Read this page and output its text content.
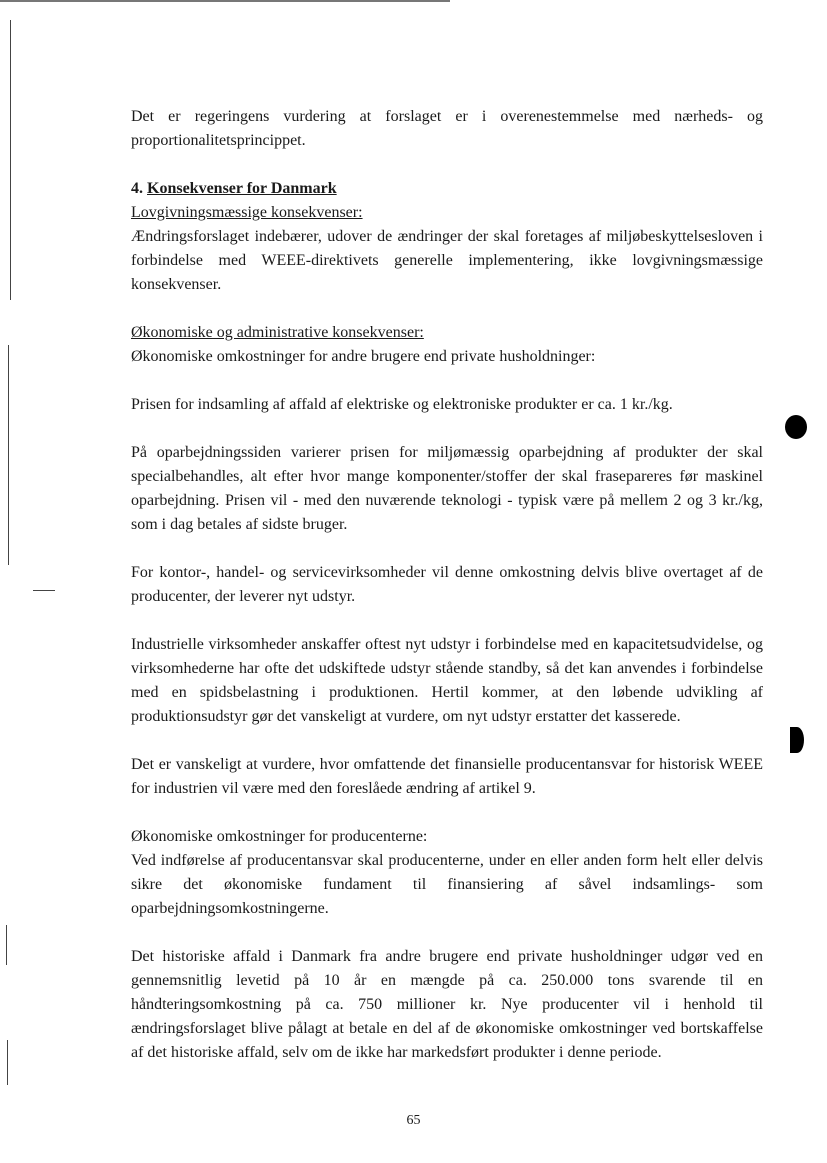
Det er regeringens vurdering at forslaget er i overenestemmelse med nærheds- og proportionalitetsprincippet.

4. Konsekvenser for Danmark

Lovgivningsmæssige konsekvenser:

Ændringsforslaget indebærer, udover de ændringer der skal foretages af miljøbeskyttelsesloven i forbindelse med WEEE-direktivets generelle implementering, ikke lovgivningsmæssige konsekvenser.

Økonomiske og administrative konsekvenser:

Økonomiske omkostninger for andre brugere end private husholdninger:

Prisen for indsamling af affald af elektriske og elektroniske produkter er ca. 1 kr./kg.

På oparbejdningssiden varierer prisen for miljømæssig oparbejdning af produkter der skal specialbehandles, alt efter hvor mange komponenter/stoffer der skal fraseparеres før maskinel oparbejdning. Prisen vil - med den nuværende teknologi - typisk være på mellem 2 og 3 kr./kg, som i dag betales af sidste bruger.

For kontor-, handel- og servicevirksomheder vil denne omkostning delvis blive overtaget af de producenter, der leverer nyt udstyr.

Industrielle virksomheder anskaffer oftest nyt udstyr i forbindelse med en kapacitetsudvidelse, og virksomhederne har ofte det udskiftede udstyr stående standby, så det kan anvendes i forbindelse med en spidsbelastning i produktionen. Hertil kommer, at den løbende udvikling af produktionsudstyr gør det vanskeligt at vurdere, om nyt udstyr erstatter det kasserede.

Det er vanskeligt at vurdere, hvor omfattende det finansielle producentansvar for historisk WEEE for industrien vil være med den foreslåede ændring af artikel 9.

Økonomiske omkostninger for producenterne:

Ved indførelse af producentansvar skal producenterne, under en eller anden form helt eller delvis sikre det økonomiske fundament til finansiering af såvel indsamlings- som oparbejdningsomkostningerne.

Det historiske affald i Danmark fra andre brugere end private husholdninger udgør ved en gennemsnitlig levetid på 10 år en mængde på ca. 250.000 tons svarende til en håndteringsomkostning på ca. 750 millioner kr. Nye producenter vil i henhold til ændringsforslaget blive pålagt at betale en del af de økonomiske omkostninger ved bortskaffelse af det historiske affald, selv om de ikke har markedsført produkter i denne periode.

65
